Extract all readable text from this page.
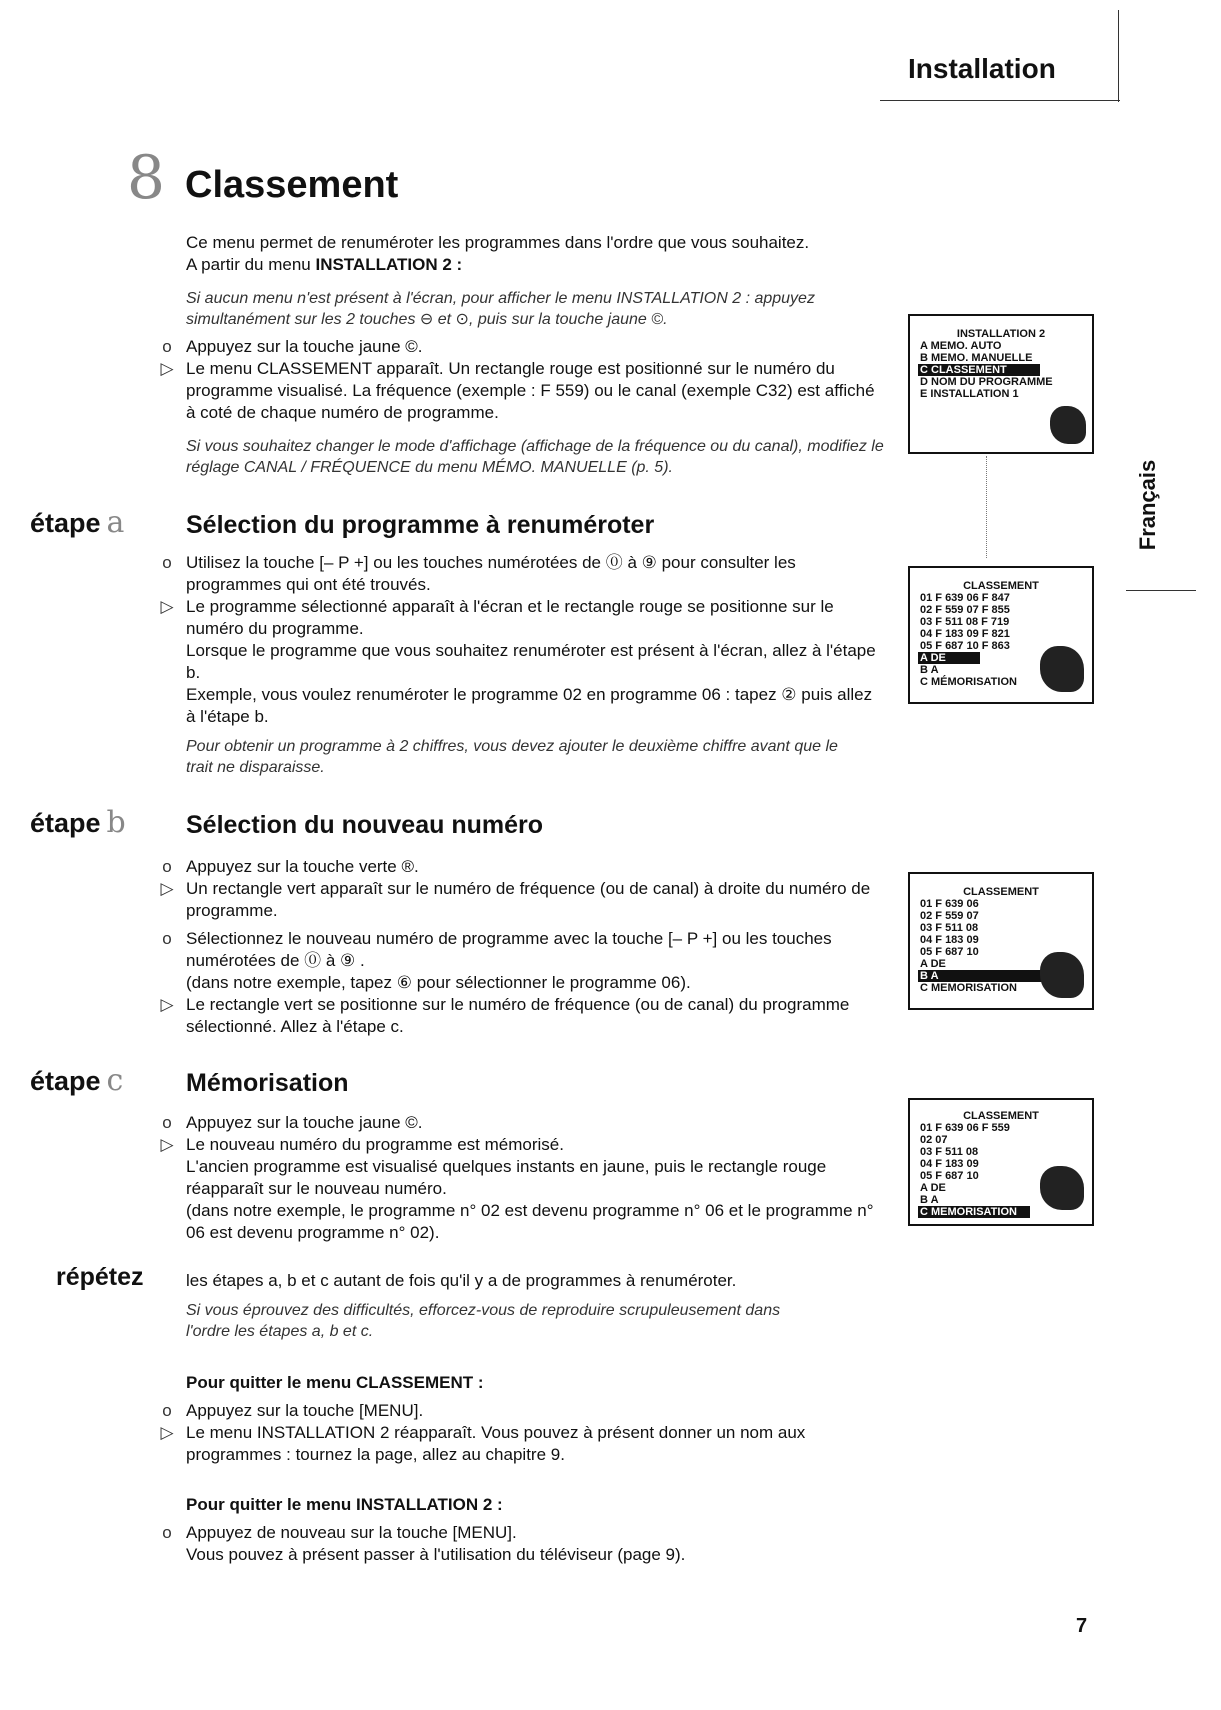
Installation
8 Classement
Ce menu permet de renuméroter les programmes dans l'ordre que vous souhaitez.
A partir du menu INSTALLATION 2 :
Si aucun menu n'est présent à l'écran, pour afficher le menu INSTALLATION 2 : appuyez simultanément sur les 2 touches ⊖ et ⊙, puis sur la touche jaune ©.
o Appuyez sur la touche jaune ©.
▷ Le menu CLASSEMENT apparaît. Un rectangle rouge est positionné sur le numéro du programme visualisé. La fréquence (exemple : F 559) ou le canal (exemple C32) est affiché à coté de chaque numéro de programme.
Si vous souhaitez changer le mode d'affichage (affichage de la fréquence ou du canal), modifiez le réglage CANAL / FRÉQUENCE du menu MÉMO. MANUELLE (p. 5).
étape a Sélection du programme à renuméroter
o Utilisez la touche [– P +] ou les touches numérotées de ⓪ à ⑨ pour consulter les programmes qui ont été trouvés.
▷ Le programme sélectionné apparaît à l'écran et le rectangle rouge se positionne sur le numéro du programme.
Lorsque le programme que vous souhaitez renuméroter est présent à l'écran, allez à l'étape b.
Exemple, vous voulez renuméroter le programme 02 en programme 06 : tapez ② puis allez à l'étape b.
Pour obtenir un programme à 2 chiffres, vous devez ajouter le deuxième chiffre avant que le trait ne disparaisse.
étape b Sélection du nouveau numéro
o Appuyez sur la touche verte ®.
▷ Un rectangle vert apparaît sur le numéro de fréquence (ou de canal) à droite du numéro de programme.
o Sélectionnez le nouveau numéro de programme avec la touche [– P +] ou les touches numérotées de ⓪ à ⑨ .
(dans notre exemple, tapez ⑥ pour sélectionner le programme 06).
▷ Le rectangle vert se positionne sur le numéro de fréquence (ou de canal) du programme sélectionné. Allez à l'étape c.
étape c	Mémorisation
o Appuyez sur la touche jaune ©.
▷ Le nouveau numéro du programme est mémorisé.
L'ancien programme est visualisé quelques instants en jaune, puis le rectangle rouge réapparaît sur le nouveau numéro.
(dans notre exemple, le programme n° 02 est devenu programme n° 06 et le programme n° 06 est devenu programme n° 02).
répétez les étapes a, b et c autant de fois qu'il y a de programmes à renuméroter.
Si vous éprouvez des difficultés, efforcez-vous de reproduire scrupuleusement dans l'ordre les étapes a, b et c.
Pour quitter le menu CLASSEMENT :
o Appuyez sur la touche [MENU].
▷ Le menu INSTALLATION 2 réapparaît. Vous pouvez à présent donner un nom aux programmes : tournez la page, allez au chapitre 9.
Pour quitter le menu INSTALLATION 2 :
o Appuyez de nouveau sur la touche [MENU].
Vous pouvez à présent passer à l'utilisation du téléviseur (page 9).
Français
INSTALLATION 2
A MEMO. AUTO
B MEMO. MANUELLE
C CLASSEMENT
D NOM DU PROGRAMME
E INSTALLATION 1
CLASSEMENT
01 F 639 06 F 847
02 F 559 07 F 855
03 F 511 08 F 719
04 F 183 09 F 821
05 F 687 10 F 863
A DE
B A
C MÉMORISATION
CLASSEMENT
01 F 639 06
02 F 559 07
03 F 511 08
04 F 183 09
05 F 687 10
A DE
B A
C MEMORISATION
CLASSEMENT
01 F 639 06 F 559
02 07
03 F 511 08
04 F 183 09
05 F 687 10
A DE
B A
C MEMORISATION
7
